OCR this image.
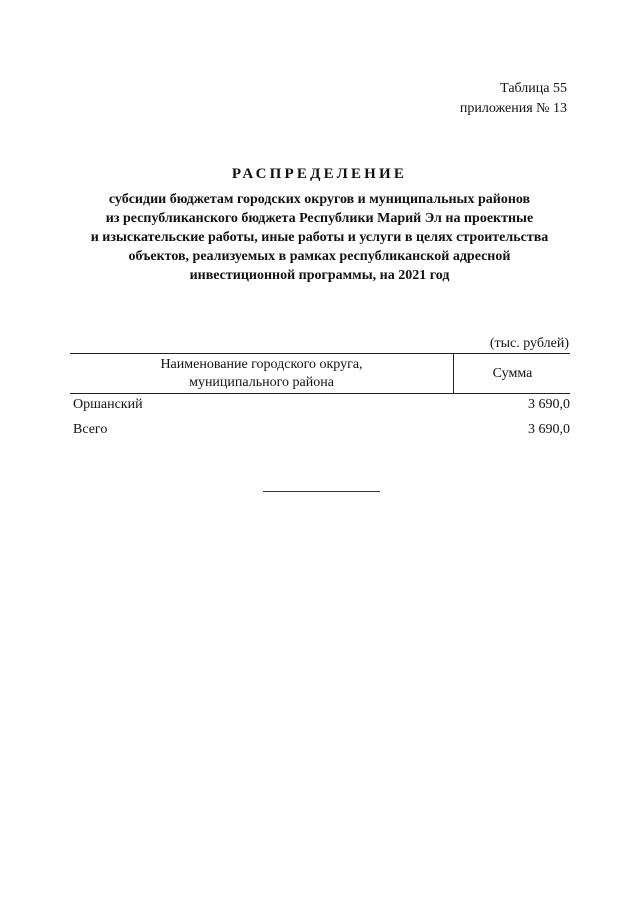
Таблица 55
приложения № 13
РАСПРЕДЕЛЕНИЕ
субсидии бюджетам городских округов и муниципальных районов
из республиканского бюджета Республики Марий Эл на проектные
и изыскательские работы, иные работы и услуги в целях строительства
объектов, реализуемых в рамках республиканской адресной
инвестиционной программы, на 2021 год
(тыс. рублей)
Наименование городского округа,
муниципального района
Сумма
Оршанский	3 690,0
Всего	3 690,0
